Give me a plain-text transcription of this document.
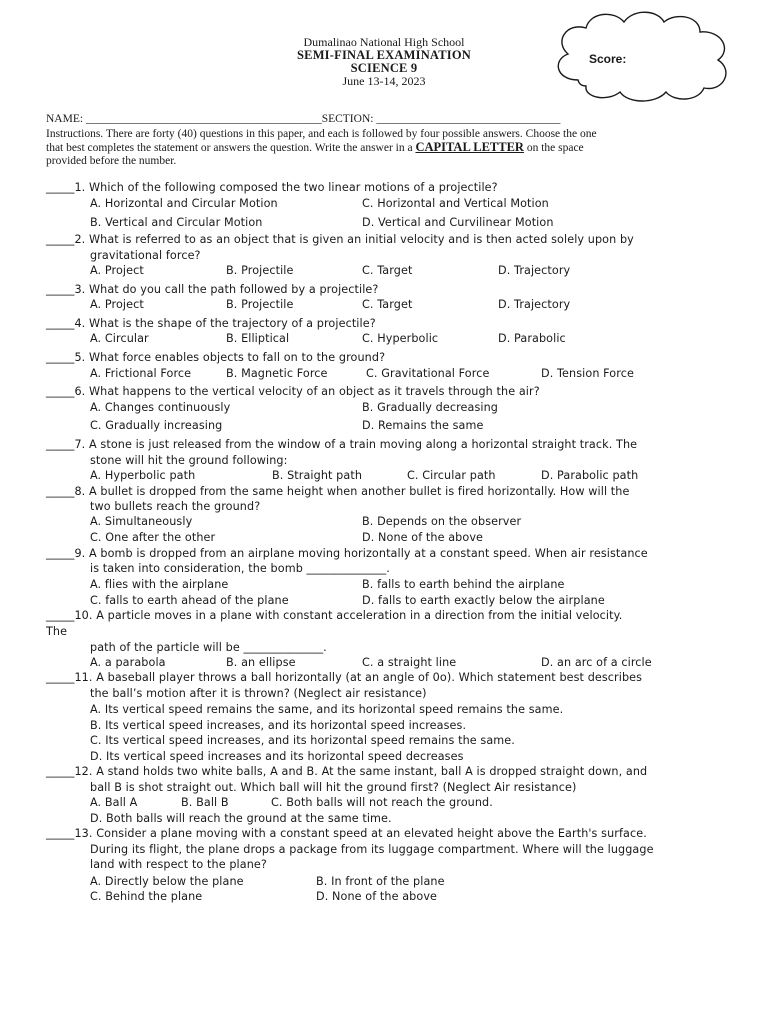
Dumalinao National High School
SEMI-FINAL EXAMINATION
SCIENCE 9
June 13-14, 2023
Score:
NAME: _________________________________________SECTION: ________________________________
Instructions. There are forty (40) questions in this paper, and each is followed by four possible answers. Choose the one
that best completes the statement or answers the question. Write the answer in a CAPITAL LETTER on the space
provided before the number.
_____1. Which of the following composed the two linear motions of a projectile?
A. Horizontal and Circular Motion	C. Horizontal and Vertical Motion
B. Vertical and Circular Motion	D. Vertical and Curvilinear Motion
_____2. What is referred to as an object that is given an initial velocity and is then acted solely upon by
gravitational force?
A. Project	B. Projectile	C. Target	D. Trajectory
_____3. What do you call the path followed by a projectile?
A. Project	B. Projectile	C. Target	D. Trajectory
_____4. What is the shape of the trajectory of a projectile?
A. Circular	B. Elliptical	C. Hyperbolic	D. Parabolic
_____5. What force enables objects to fall on to the ground?
A. Frictional Force	B. Magnetic Force	C. Gravitational Force	D. Tension Force
_____6. What happens to the vertical velocity of an object as it travels through the air?
A. Changes continuously	B. Gradually decreasing
C. Gradually increasing	D. Remains the same
_____7. A stone is just released from the window of a train moving along a horizontal straight track. The
stone will hit the ground following:
A. Hyperbolic path	B. Straight path	C. Circular path	D. Parabolic path
_____8. A bullet is dropped from the same height when another bullet is fired horizontally. How will the
two bullets reach the ground?
A. Simultaneously	B. Depends on the observer
C. One after the other	D. None of the above
_____9. A bomb is dropped from an airplane moving horizontally at a constant speed. When air resistance
is taken into consideration, the bomb ______________.
A. flies with the airplane	B. falls to earth behind the airplane
C. falls to earth ahead of the plane	D. falls to earth exactly below the airplane
_____10. A particle moves in a plane with constant acceleration in a direction from the initial velocity.
The
path of the particle will be ______________.
A. a parabola	B. an ellipse	C. a straight line	D. an arc of a circle
_____11. A baseball player throws a ball horizontally (at an angle of 0o). Which statement best describes
the ball’s motion after it is thrown? (Neglect air resistance)
A. Its vertical speed remains the same, and its horizontal speed remains the same.
B. Its vertical speed increases, and its horizontal speed increases.
C. Its vertical speed increases, and its horizontal speed remains the same.
D. Its vertical speed increases and its horizontal speed decreases
_____12. A stand holds two white balls, A and B. At the same instant, ball A is dropped straight down, and
ball B is shot straight out. Which ball will hit the ground first? (Neglect Air resistance)
A. Ball A	B. Ball B	C. Both balls will not reach the ground.
D. Both balls will reach the ground at the same time.
_____13. Consider a plane moving with a constant speed at an elevated height above the Earth's surface.
During its flight, the plane drops a package from its luggage compartment. Where will the luggage
land with respect to the plane?
A. Directly below the plane	B. In front of the plane
C. Behind the plane	D. None of the above
